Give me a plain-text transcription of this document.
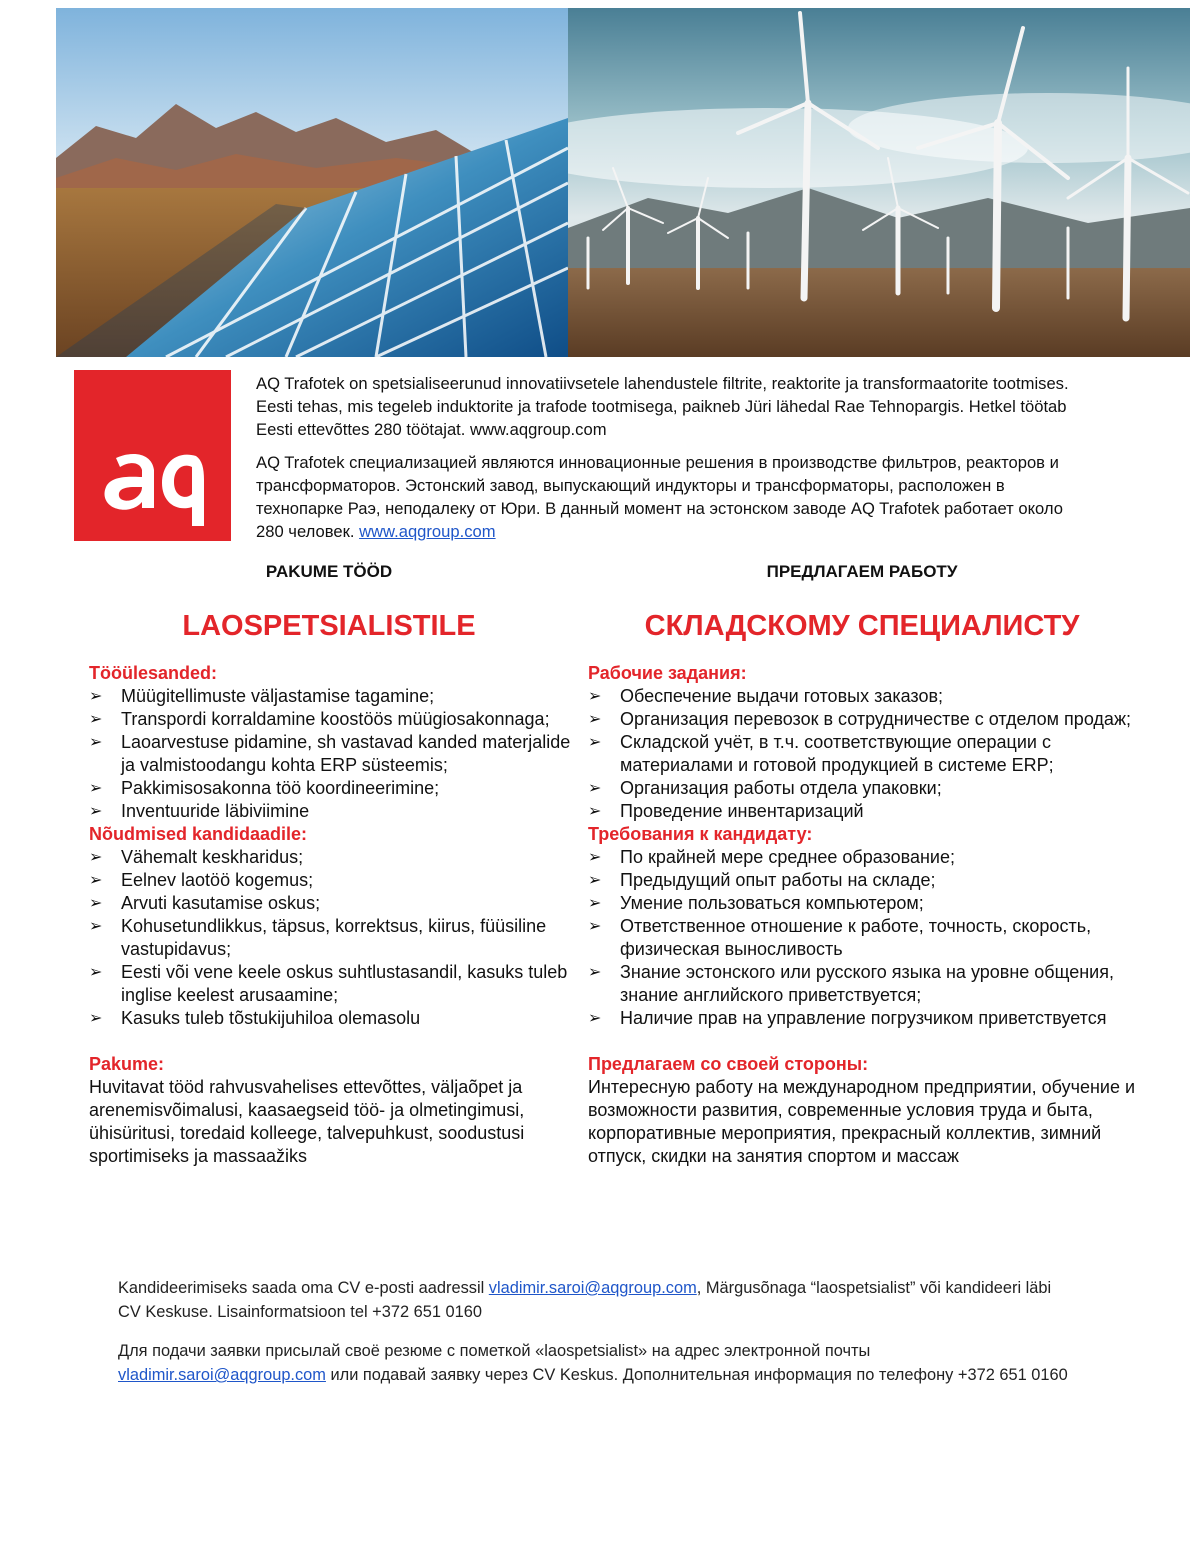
AQ Trafotek on spetsialiseerunud innovatiivsetele lahendustele filtrite, reaktorite ja transformaatorite tootmises. Eesti tehas, mis tegeleb induktorite ja trafode tootmisega, paikneb Jüri lähedal Rae Tehnopargis. Hetkel töötab Eesti ettevõttes 280 töötajat. www.aqgroup.com

AQ Trafotek специализацией являются инновационные решения в производстве фильтров, реакторов и трансформаторов. Эстонский завод, выпускающий индукторы и трансформаторы, расположен в технопарке Раэ, неподалеку от Юри. В данный момент на эстонском заводе AQ Trafotek работает около 280 человек. www.aqgroup.com

PAKUME TÖÖD
LAOSPETSIALISTILE
Tööülesanded:
➢ Müügitellimuste väljastamise tagamine;
➢ Transpordi korraldamine koostöös müügiosakonnaga;
➢ Laoarvestuse pidamine, sh vastavad kanded materjalide ja valmistoodangu kohta ERP süsteemis;
➢ Pakkimisosakonna töö koordineerimine;
➢ Inventuuride läbiviimine
Nõudmised kandidaadile:
➢ Vähemalt keskharidus;
➢ Eelnev laotöö kogemus;
➢ Arvuti kasutamise oskus;
➢ Kohusetundlikkus, täpsus, korrektsus, kiirus, füüsiline vastupidavus;
➢ Eesti või vene keele oskus suhtlustasandil, kasuks tuleb inglise keelest arusaamine;
➢ Kasuks tuleb tõstukijuhiloa olemasolu
Pakume:
Huvitavat tööd rahvusvahelises ettevõttes, väljaõpet ja arenemisvõimalusi, kaasaegseid töö- ja olmetingimusi, ühisüritusi, toredaid kolleege, talvepuhkust, soodustusi sportimiseks ja massaažiks
ПРЕДЛАГАЕМ РАБОТУ
СКЛАДСКОМУ СПЕЦИАЛИСТУ
Рабочие задания:
➢ Обеспечение выдачи готовых заказов;
➢ Организация перевозок в сотрудничестве с отделом продаж;
➢ Складской учёт, в т.ч. соответствующие операции с материалами и готовой продукцией в системе ERP;
➢ Организация работы отдела упаковки;
➢ Проведение инвентаризаций
Требования к кандидату:
➢ По крайней мере среднее образование;
➢ Предыдущий опыт работы на складе;
➢ Умение пользоваться компьютером;
➢ Ответственное отношение к работе, точность, скорость, физическая выносливость
➢ Знание эстонского или русского языка на уровне общения, знание английского приветствуется;
➢ Наличие прав на управление погрузчиком приветствуется
Предлагаем со своей стороны:
Интересную работу на международном предприятии, обучение и возможности развития, современные условия труда и быта, корпоративные мероприятия, прекрасный коллектив, зимний отпуск, скидки на занятия спортом и массаж

Kandideerimiseks saada oma CV e-posti aadressil vladimir.saroi@aqgroup.com, Märgusõnaga “laospetsialist” või kandideeri läbi CV Keskuse. Lisainformatsioon tel +372 651 0160

Для подачи заявки присылай своё резюме с пометкой «laospetsialist» на адрес электронной почты vladimir.saroi@aqgroup.com или подавай заявку через CV Keskus. Дополнительная информация по телефону +372 651 0160
